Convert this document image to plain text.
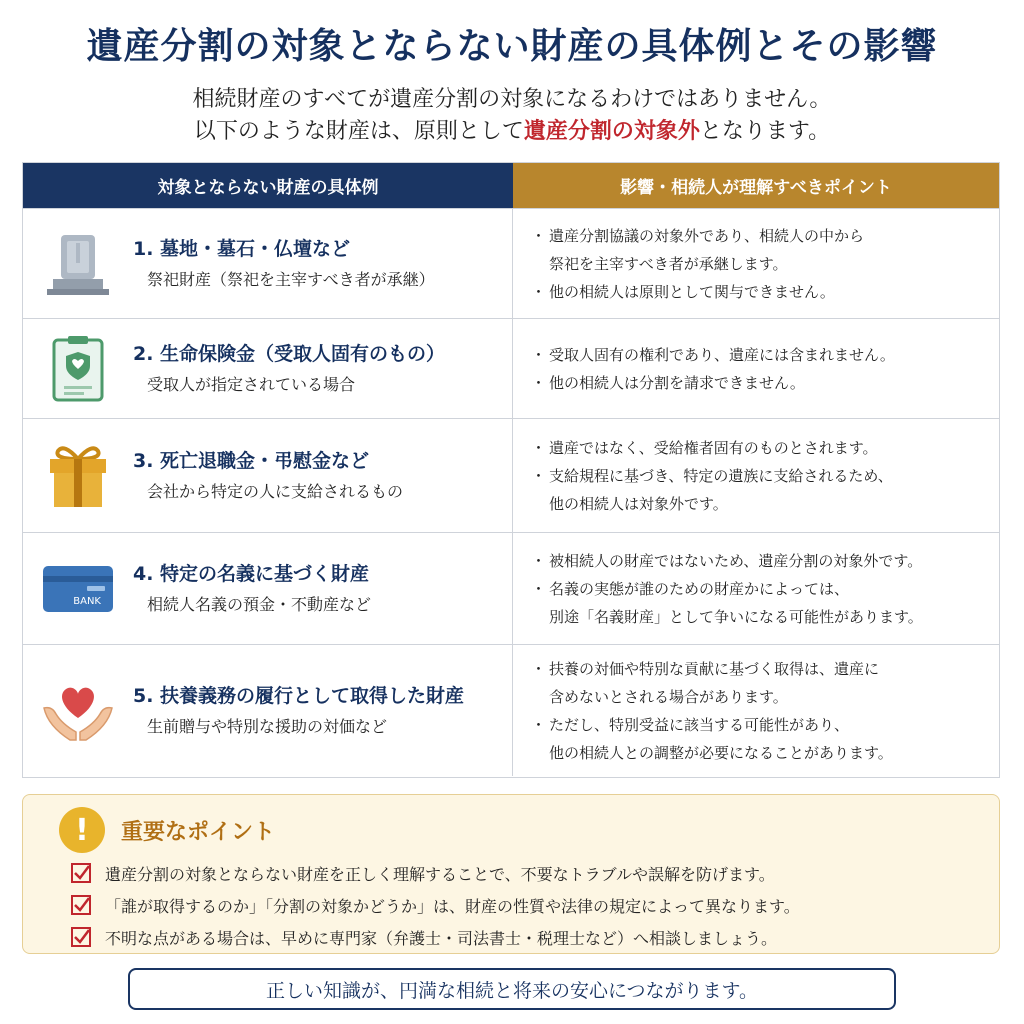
遺産分割の対象とならない財産の具体例とその影響
相続財産のすべてが遺産分割の対象になるわけではありません。
以下のような財産は、原則として遺産分割の対象外となります。
対象とならない財産の具体例	影響・相続人が理解すべきポイント
1. 墓地・墓石・仏壇など
祭祀財産（祭祀を主宰すべき者が承継）
・ 遺産分割協議の対象外であり、相続人の中から
祭祀を主宰すべき者が承継します。
・ 他の相続人は原則として関与できません。
2. 生命保険金（受取人固有のもの）
受取人が指定されている場合
・ 受取人固有の権利であり、遺産には含まれません。
・ 他の相続人は分割を請求できません。
3. 死亡退職金・弔慰金など
会社から特定の人に支給されるもの
・ 遺産ではなく、受給権者固有のものとされます。
・ 支給規程に基づき、特定の遺族に支給されるため、
他の相続人は対象外です。
BANK
4. 特定の名義に基づく財産
相続人名義の預金・不動産など
・ 被相続人の財産ではないため、遺産分割の対象外です。
・ 名義の実態が誰のための財産かによっては、
別途「名義財産」として争いになる可能性があります。
5. 扶養義務の履行として取得した財産
生前贈与や特別な援助の対価など
・ 扶養の対価や特別な貢献に基づく取得は、遺産に
含めないとされる場合があります。
・ ただし、特別受益に該当する可能性があり、
他の相続人との調整が必要になることがあります。
!	重要なポイント
遺産分割の対象とならない財産を正しく理解することで、不要なトラブルや誤解を防げます。
「誰が取得するのか」「分割の対象かどうか」は、財産の性質や法律の規定によって異なります。
不明な点がある場合は、早めに専門家（弁護士・司法書士・税理士など）へ相談しましょう。
正しい知識が、円満な相続と将来の安心につながります。
